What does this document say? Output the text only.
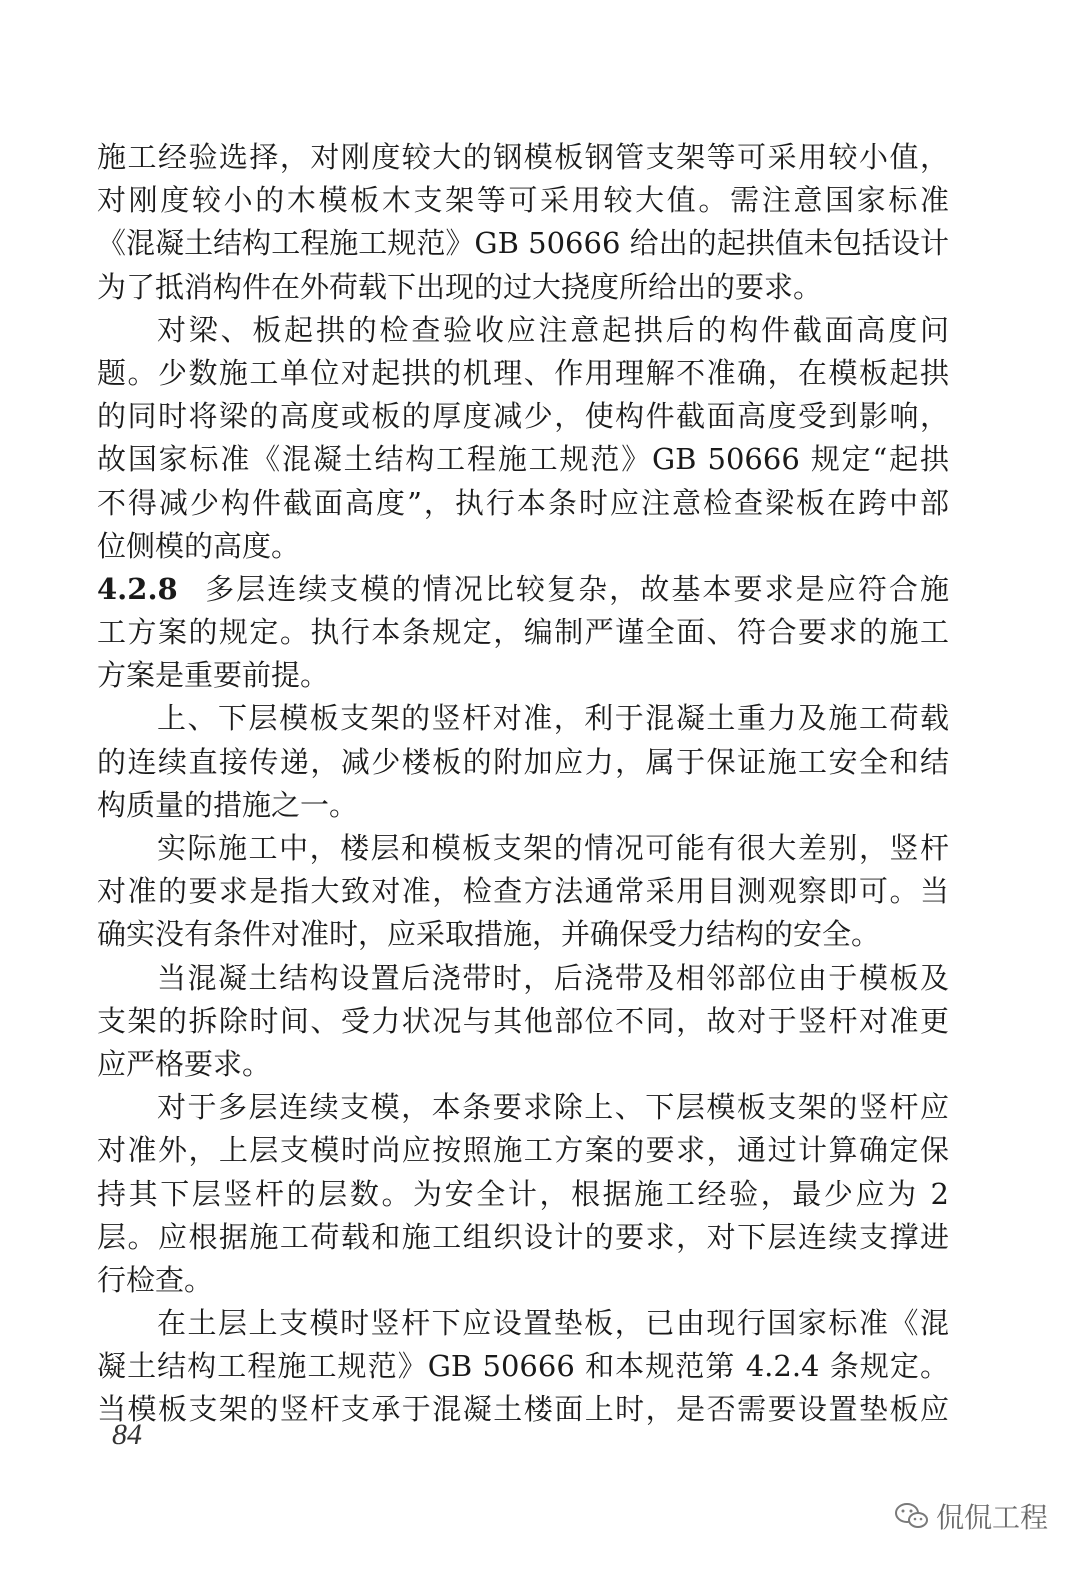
施工经验选择，对刚度较大的钢模板钢管支架等可采用较小值，
对刚度较小的木模板木支架等可采用较大值。需注意国家标准
《混凝土结构工程施工规范》GB 50666 给出的起拱值未包括设计
为了抵消构件在外荷载下出现的过大挠度所给出的要求。
对梁、板起拱的检查验收应注意起拱后的构件截面高度问
题。少数施工单位对起拱的机理、作用理解不准确，在模板起拱
的同时将梁的高度或板的厚度减少，使构件截面高度受到影响，
故国家标准《混凝土结构工程施工规范》GB 50666 规定“起拱
不得减少构件截面高度”，执行本条时应注意检查梁板在跨中部
位侧模的高度。
4.2.8 多层连续支模的情况比较复杂，故基本要求是应符合施
工方案的规定。执行本条规定，编制严谨全面、符合要求的施工
方案是重要前提。
上、下层模板支架的竖杆对准，利于混凝土重力及施工荷载
的连续直接传递，减少楼板的附加应力，属于保证施工安全和结
构质量的措施之一。
实际施工中，楼层和模板支架的情况可能有很大差别，竖杆
对准的要求是指大致对准，检查方法通常采用目测观察即可。当
确实没有条件对准时，应采取措施，并确保受力结构的安全。
当混凝土结构设置后浇带时，后浇带及相邻部位由于模板及
支架的拆除时间、受力状况与其他部位不同，故对于竖杆对准更
应严格要求。
对于多层连续支模，本条要求除上、下层模板支架的竖杆应
对准外，上层支模时尚应按照施工方案的要求，通过计算确定保
持其下层竖杆的层数。为安全计，根据施工经验，最少应为 2
层。应根据施工荷载和施工组织设计的要求，对下层连续支撑进
行检查。
在土层上支模时竖杆下应设置垫板，已由现行国家标准《混
凝土结构工程施工规范》GB 50666 和本规范第 4.2.4 条规定。
当模板支架的竖杆支承于混凝土楼面上时，是否需要设置垫板应
84
侃侃工程
